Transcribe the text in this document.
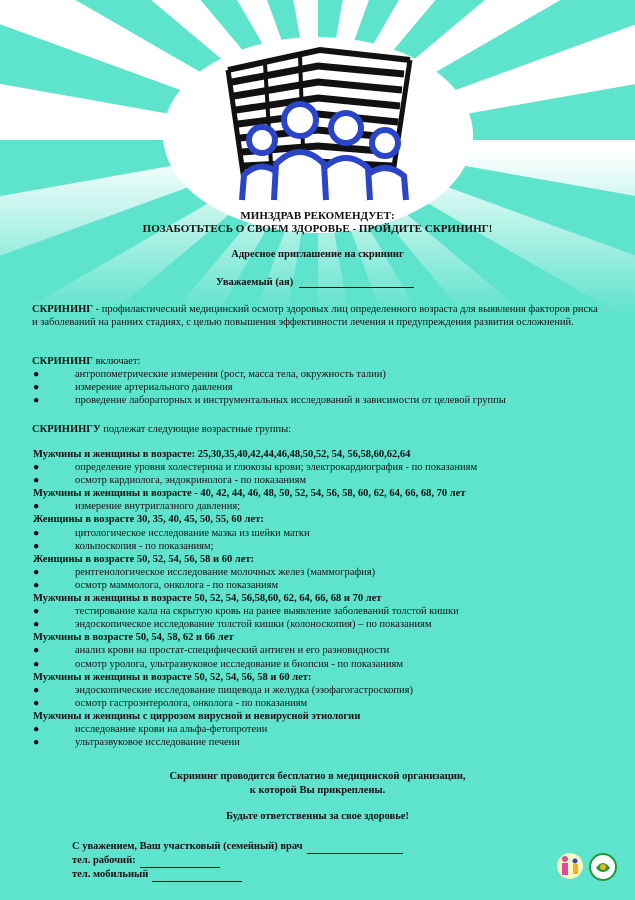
МИНЗДРАВ РЕКОМЕНДУЕТ:
ПОЗАБОТЬТЕСЬ О СВОЕМ ЗДОРОВЬЕ - ПРОЙДИТЕ СКРИНИНГ!
Адресное приглашение на скрининг
Уважаемый (ая)
СКРИНИНГ - профилактический медицинский осмотр здоровых лиц определенного возраста для выявления факторов риска и заболеваний на ранних стадиях, с целью повышения эффективности лечения и предупреждения развития осложнений.
СКРИНИНГ включает:
●	антропометрические измерения (рост, масса тела, окружность талии)
●	измерение артериального давления
●	проведение лабораторных и инструментальных исследований в зависимости от целевой группы
СКРИНИНГУ подлежат следующие возрастные группы:
Мужчины и женщины в возрасте: 25,30,35,40,42,44,46,48,50,52, 54, 56,58,60,62,64
●	определение уровня холестерина и глюкозы крови; электрокардиография - по показаниям
●	осмотр кардиолога, эндокринолога - по показаниям
Мужчины и женщины в возрасте - 40, 42, 44, 46, 48, 50, 52, 54, 56, 58, 60, 62, 64, 66, 68, 70 лет
●	измерение внутриглазного давления;
Женщины в возрасте 30, 35, 40, 45, 50, 55, 60 лет:
●	цитологическое исследование мазка из шейки матки
●	кольпоскопия - по показаниям;
Женщины в возрасте 50, 52, 54, 56, 58 и 60 лет:
●	рентгенологическое исследование молочных желез (маммография)
●	осмотр маммолога, онколога - по показаниям
Мужчины и женщины в возрасте 50, 52, 54, 56,58,60, 62, 64, 66, 68 и 70 лет
●	тестирование кала на скрытую кровь на ранее выявление заболеваний толстой кишки
●	эндоскопическое исследование толстой кишки (колоноскопия) – по показаниям
Мужчины в возрасте 50, 54, 58, 62 и 66 лет
●	анализ крови на простат-специфический антиген и его разновидности
●	осмотр уролога, ультразвуковое исследование и биопсия - по показаниям
Мужчины и женщины в возрасте 50, 52, 54, 56, 58 и 60 лет:
●	эндоскопические исследование пищевода и желудка (эзофагогастроскопия)
●	осмотр гастроэнтеролога, онколога - по показаниям
Мужчины и женщины с циррозом вирусной и невирусной этиологии
●	исследование крови на альфа-фетопротеин
●	ультразвуковое исследование печени
Скрининг проводится бесплатно в медицинской организации,
к которой Вы прикреплены.
Будьте ответственны за свое здоровье!
С уважением, Ваш участковый (семейный) врач
тел. рабочий:
тел. мобильный
